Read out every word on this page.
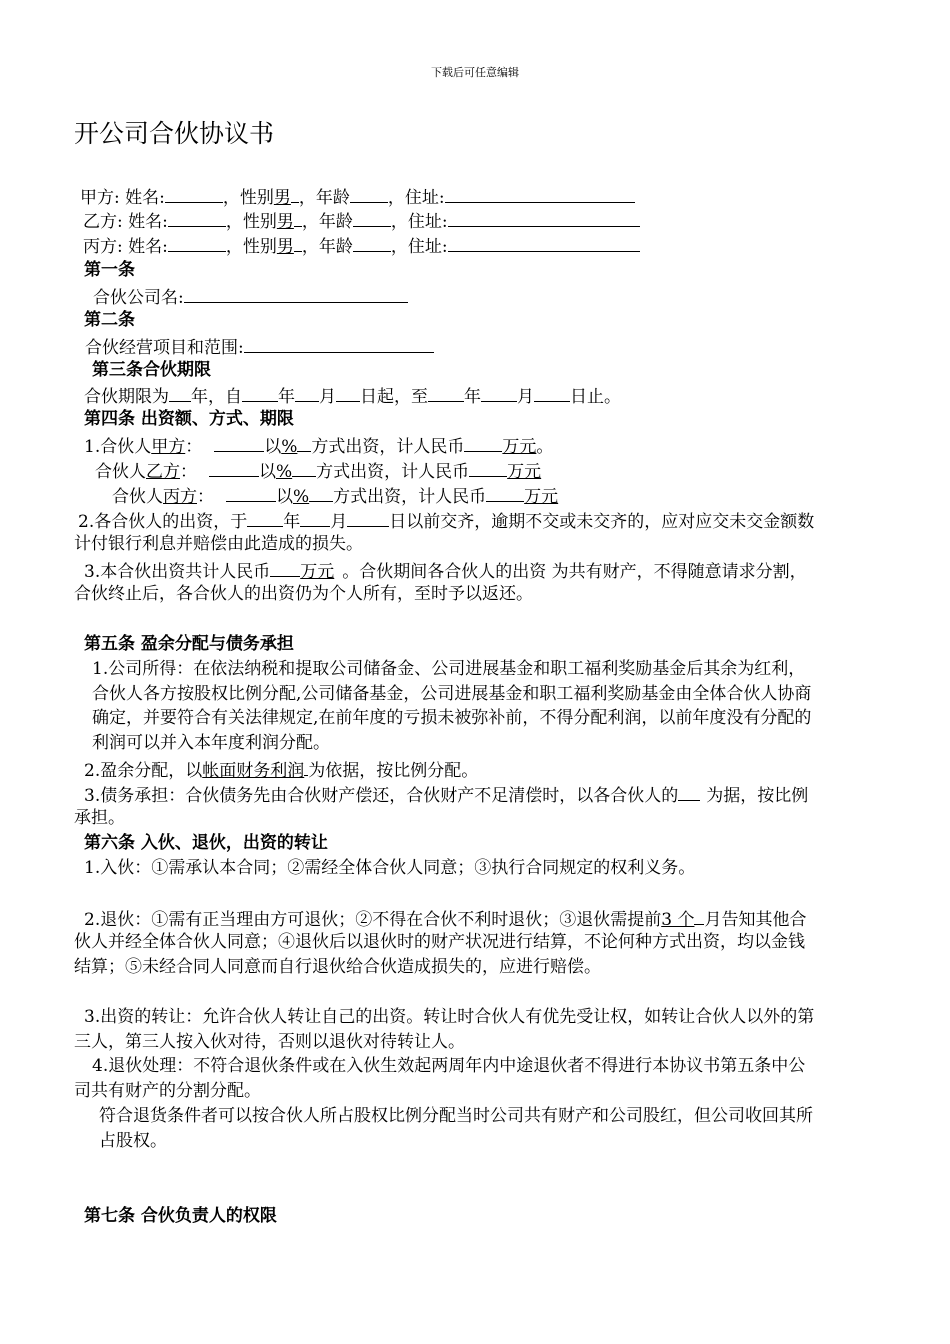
下载后可任意编辑
开公司合伙协议书
甲方: 姓名:	，性别男 ，年龄 ，住址:
乙方: 姓名:	，性别男 ，年龄 ，住址:
丙方: 姓名:	，性别男 ，年龄 ，住址:
第一条
合伙公司名:
第二条
合伙经营项目和范围:
第三条合伙期限
合伙期限为 年，自 年 月 日起，至 年 月 日止。
第四条 出资额、方式、期限
1.合伙人甲方：	以% 方式出资，计人民币 万元。
合伙人乙方：	以% 方式出资，计人民币 万元
合伙人丙方：	以% 方式出资，计人民币 万元
2.各合伙人的出资，于 年 月 日以前交齐，逾期不交或未交齐的，应对应交未交金额数
计付银行利息并赔偿由此造成的损失。
3.本合伙出资共计人民币 万元 。合伙期间各合伙人的出资 为共有财产，不得随意请求分割，
合伙终止后，各合伙人的出资仍为个人所有，至时予以返还。
第五条 盈余分配与债务承担
1.公司所得：在依法纳税和提取公司储备金、公司进展基金和职工福利奖励基金后其余为红利，
合伙人各方按股权比例分配,公司储备基金，公司进展基金和职工福利奖励基金由全体合伙人协商
确定，并要符合有关法律规定,在前年度的亏损未被弥补前，不得分配利润，以前年度没有分配的
利润可以并入本年度利润分配。
2.盈余分配，以帐面财务利润 为依据，按比例分配。
3.债务承担：合伙债务先由合伙财产偿还，合伙财产不足清偿时，以各合伙人的 为据，按比例
承担。
第六条 入伙、退伙，出资的转让
1.入伙：①需承认本合同；②需经全体合伙人同意；③执行合同规定的权利义务。
2.退伙：①需有正当理由方可退伙；②不得在合伙不利时退伙；③退伙需提前3 个 月告知其他合
伙人并经全体合伙人同意；④退伙后以退伙时的财产状况进行结算，不论何种方式出资，均以金钱
结算；⑤未经合同人同意而自行退伙给合伙造成损失的，应进行赔偿。
3.出资的转让：允许合伙人转让自己的出资。转让时合伙人有优先受让权，如转让合伙人以外的第
三人，第三人按入伙对待，否则以退伙对待转让人。
4.退伙处理：不符合退伙条件或在入伙生效起两周年内中途退伙者不得进行本协议书第五条中公
司共有财产的分割分配。
符合退货条件者可以按合伙人所占股权比例分配当时公司共有财产和公司股红，但公司收回其所
占股权。
第七条 合伙负责人的权限
